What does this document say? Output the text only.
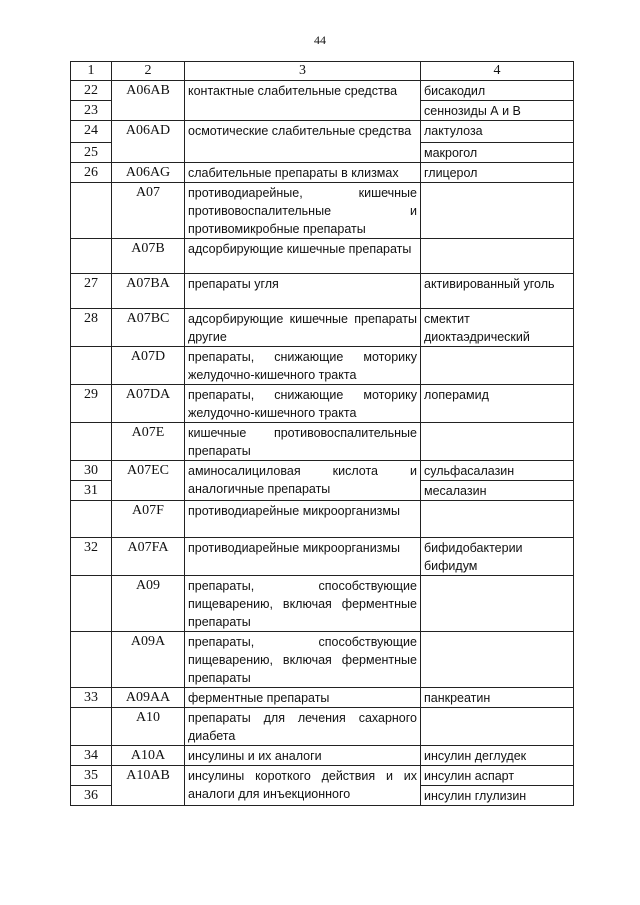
44
1	2	3	4
22	A06AB	контактные слабительные средства	бисакодил
23			сеннозиды А и В
24	A06AD	осмотические слабительные средства	лактулоза
25			макрогол
26	A06AG	слабительные препараты в клизмах	глицерол
	A07	противодиарейные, кишечные противовоспалительные и противомикробные препараты	
	A07B	адсорбирующие кишечные препараты	
27	A07BA	препараты угля	активированный уголь
28	A07BC	адсорбирующие кишечные препараты другие	смектит диоктаэдрический
	A07D	препараты, снижающие моторику желудочно-кишечного тракта	
29	A07DA	препараты, снижающие моторику желудочно-кишечного тракта	лоперамид
	A07E	кишечные противовоспалительные препараты	
30	A07EC	аминосалициловая кислота и аналогичные препараты	сульфасалазин
31			месалазин
	A07F	противодиарейные микроорганизмы	
32	A07FA	противодиарейные микроорганизмы	бифидобактерии бифидум
	A09	препараты, способствующие пищеварению, включая ферментные препараты	
	A09A	препараты, способствующие пищеварению, включая ферментные препараты	
33	A09AA	ферментные препараты	панкреатин
	A10	препараты для лечения сахарного диабета	
34	A10A	инсулины и их аналоги	инсулин деглудек
35	A10AB	инсулины короткого действия и их аналоги для инъекционного	инсулин аспарт
36			инсулин глулизин
